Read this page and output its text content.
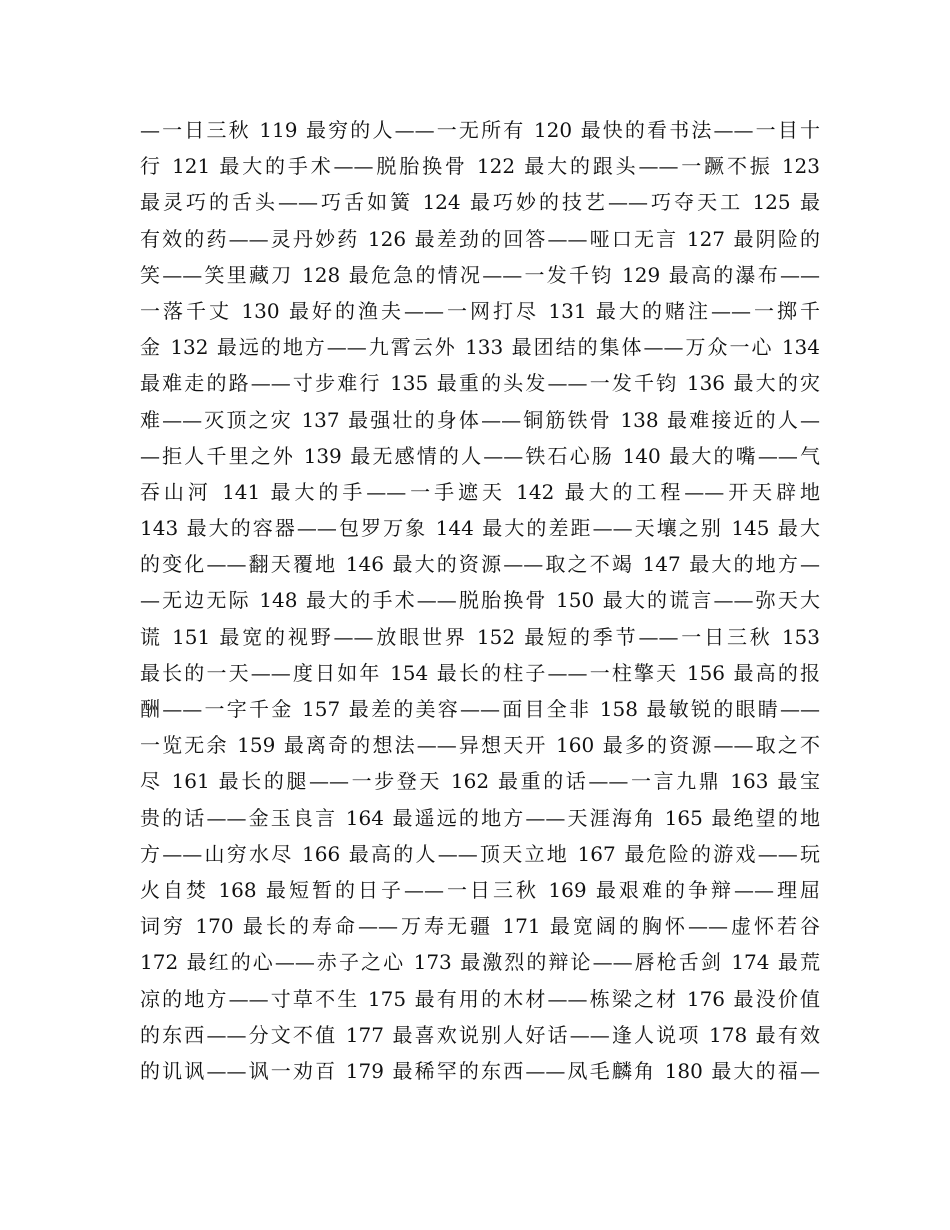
—一日三秋 119 最穷的人——一无所有 120 最快的看书法——一目十
行 121 最大的手术——脱胎换骨 122 最大的跟头——一蹶不振 123
最灵巧的舌头——巧舌如簧 124 最巧妙的技艺——巧夺天工 125 最
有效的药——灵丹妙药 126 最差劲的回答——哑口无言 127 最阴险的
笑——笑里藏刀 128 最危急的情况——一发千钧 129 最高的瀑布——
一落千丈 130 最好的渔夫——一网打尽 131 最大的赌注——一掷千
金 132 最远的地方——九霄云外 133 最团结的集体——万众一心 134
最难走的路——寸步难行 135 最重的头发——一发千钧 136 最大的灾
难——灭顶之灾 137 最强壮的身体——铜筋铁骨 138 最难接近的人—
—拒人千里之外 139 最无感情的人——铁石心肠 140 最大的嘴——气
吞山河 141 最大的手——一手遮天 142 最大的工程——开天辟地
143 最大的容器——包罗万象 144 最大的差距——天壤之别 145 最大
的变化——翻天覆地 146 最大的资源——取之不竭 147 最大的地方—
—无边无际 148 最大的手术——脱胎换骨 150 最大的谎言——弥天大
谎 151 最宽的视野——放眼世界 152 最短的季节——一日三秋 153
最长的一天——度日如年 154 最长的柱子——一柱擎天 156 最高的报
酬——一字千金 157 最差的美容——面目全非 158 最敏锐的眼睛——
一览无余 159 最离奇的想法——异想天开 160 最多的资源——取之不
尽 161 最长的腿——一步登天 162 最重的话——一言九鼎 163 最宝
贵的话——金玉良言 164 最遥远的地方——天涯海角 165 最绝望的地
方——山穷水尽 166 最高的人——顶天立地 167 最危险的游戏——玩
火自焚 168 最短暂的日子——一日三秋 169 最艰难的争辩——理屈
词穷 170 最长的寿命——万寿无疆 171 最宽阔的胸怀——虚怀若谷
172 最红的心——赤子之心 173 最激烈的辩论——唇枪舌剑 174 最荒
凉的地方——寸草不生 175 最有用的木材——栋梁之材 176 最没价值
的东西——分文不值 177 最喜欢说别人好话——逢人说项 178 最有效
的讥讽——讽一劝百 179 最稀罕的东西——凤毛麟角 180 最大的福—
